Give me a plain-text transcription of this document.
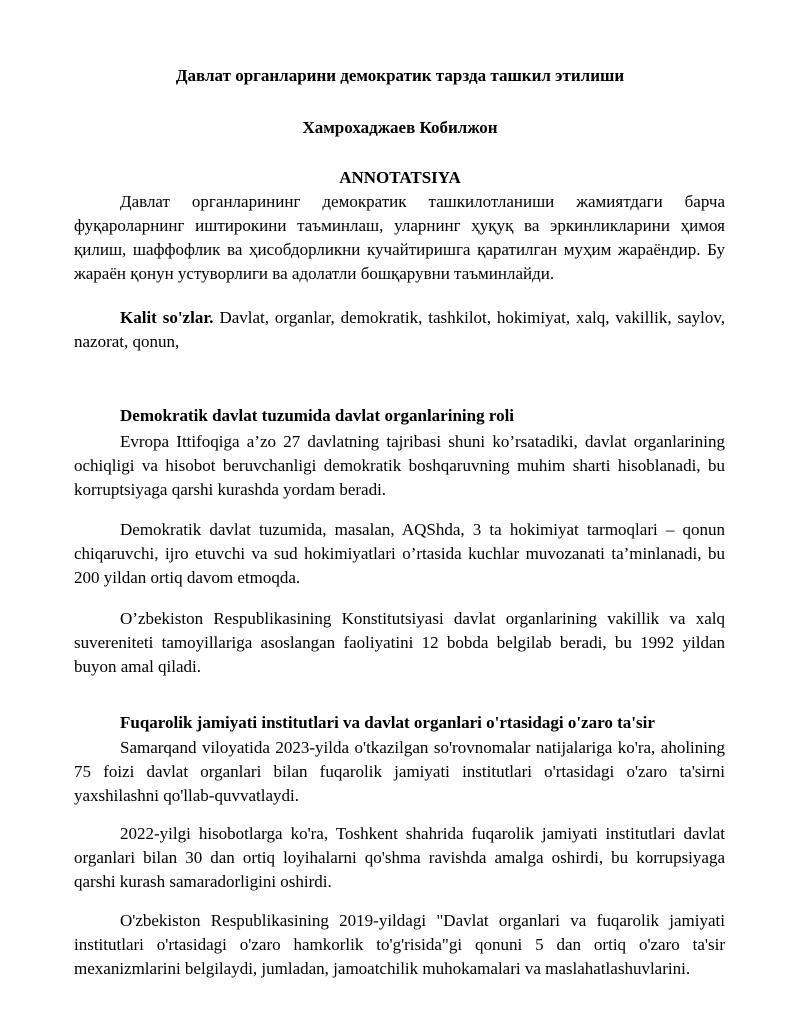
Давлат органларини демократик тарзда ташкил этилиши
Хамрохаджаев Кобилжон
ANNOTATSIYA
Давлат органларининг демократик ташкилотланиши жамиятдаги барча фуқароларнинг иштирокини таъминлаш, уларнинг ҳуқуқ ва эркинликларини ҳимоя қилиш, шаффофлик ва ҳисобдорликни кучайтиришга қаратилган муҳим жараёндир. Бу жараён қонун устуворлиги ва адолатли бошқарувни таъминлайди.
Kalit so'zlar. Davlat, organlar, demokratik, tashkilot, hokimiyat, xalq, vakillik, saylov, nazorat, qonun,
Demokratik davlat tuzumida davlat organlarining roli
Evropa Ittifoqiga a’zo 27 davlatning tajribasi shuni ko’rsatadiki, davlat organlarining ochiqligi va hisobot beruvchanligi demokratik boshqaruvning muhim sharti hisoblanadi, bu korruptsiyaga qarshi kurashda yordam beradi.
Demokratik davlat tuzumida, masalan, AQShda, 3 ta hokimiyat tarmoqlari – qonun chiqaruvchi, ijro etuvchi va sud hokimiyatlari o’rtasida kuchlar muvozanati ta’minlanadi, bu 200 yildan ortiq davom etmoqda.
O’zbekiston Respublikasining Konstitutsiyasi davlat organlarining vakillik va xalq suvereniteti tamoyillariga asoslangan faoliyatini 12 bobda belgilab beradi, bu 1992 yildan buyon amal qiladi.
Fuqarolik jamiyati institutlari va davlat organlari o'rtasidagi o'zaro ta'sir
Samarqand viloyatida 2023-yilda o'tkazilgan so'rovnomalar natijalariga ko'ra, aholining 75 foizi davlat organlari bilan fuqarolik jamiyati institutlari o'rtasidagi o'zaro ta'sirni yaxshilashni qo'llab-quvvatlaydi.
2022-yilgi hisobotlarga ko'ra, Toshkent shahrida fuqarolik jamiyati institutlari davlat organlari bilan 30 dan ortiq loyihalarni qo'shma ravishda amalga oshirdi, bu korrupsiyaga qarshi kurash samaradorligini oshirdi.
O'zbekiston Respublikasining 2019-yildagi "Davlat organlari va fuqarolik jamiyati institutlari o'rtasidagi o'zaro hamkorlik to'g'risida"gi qonuni 5 dan ortiq o'zaro ta'sir mexanizmlarini belgilaydi, jumladan, jamoatchilik muhokamalari va maslahatlashuvlarini.
